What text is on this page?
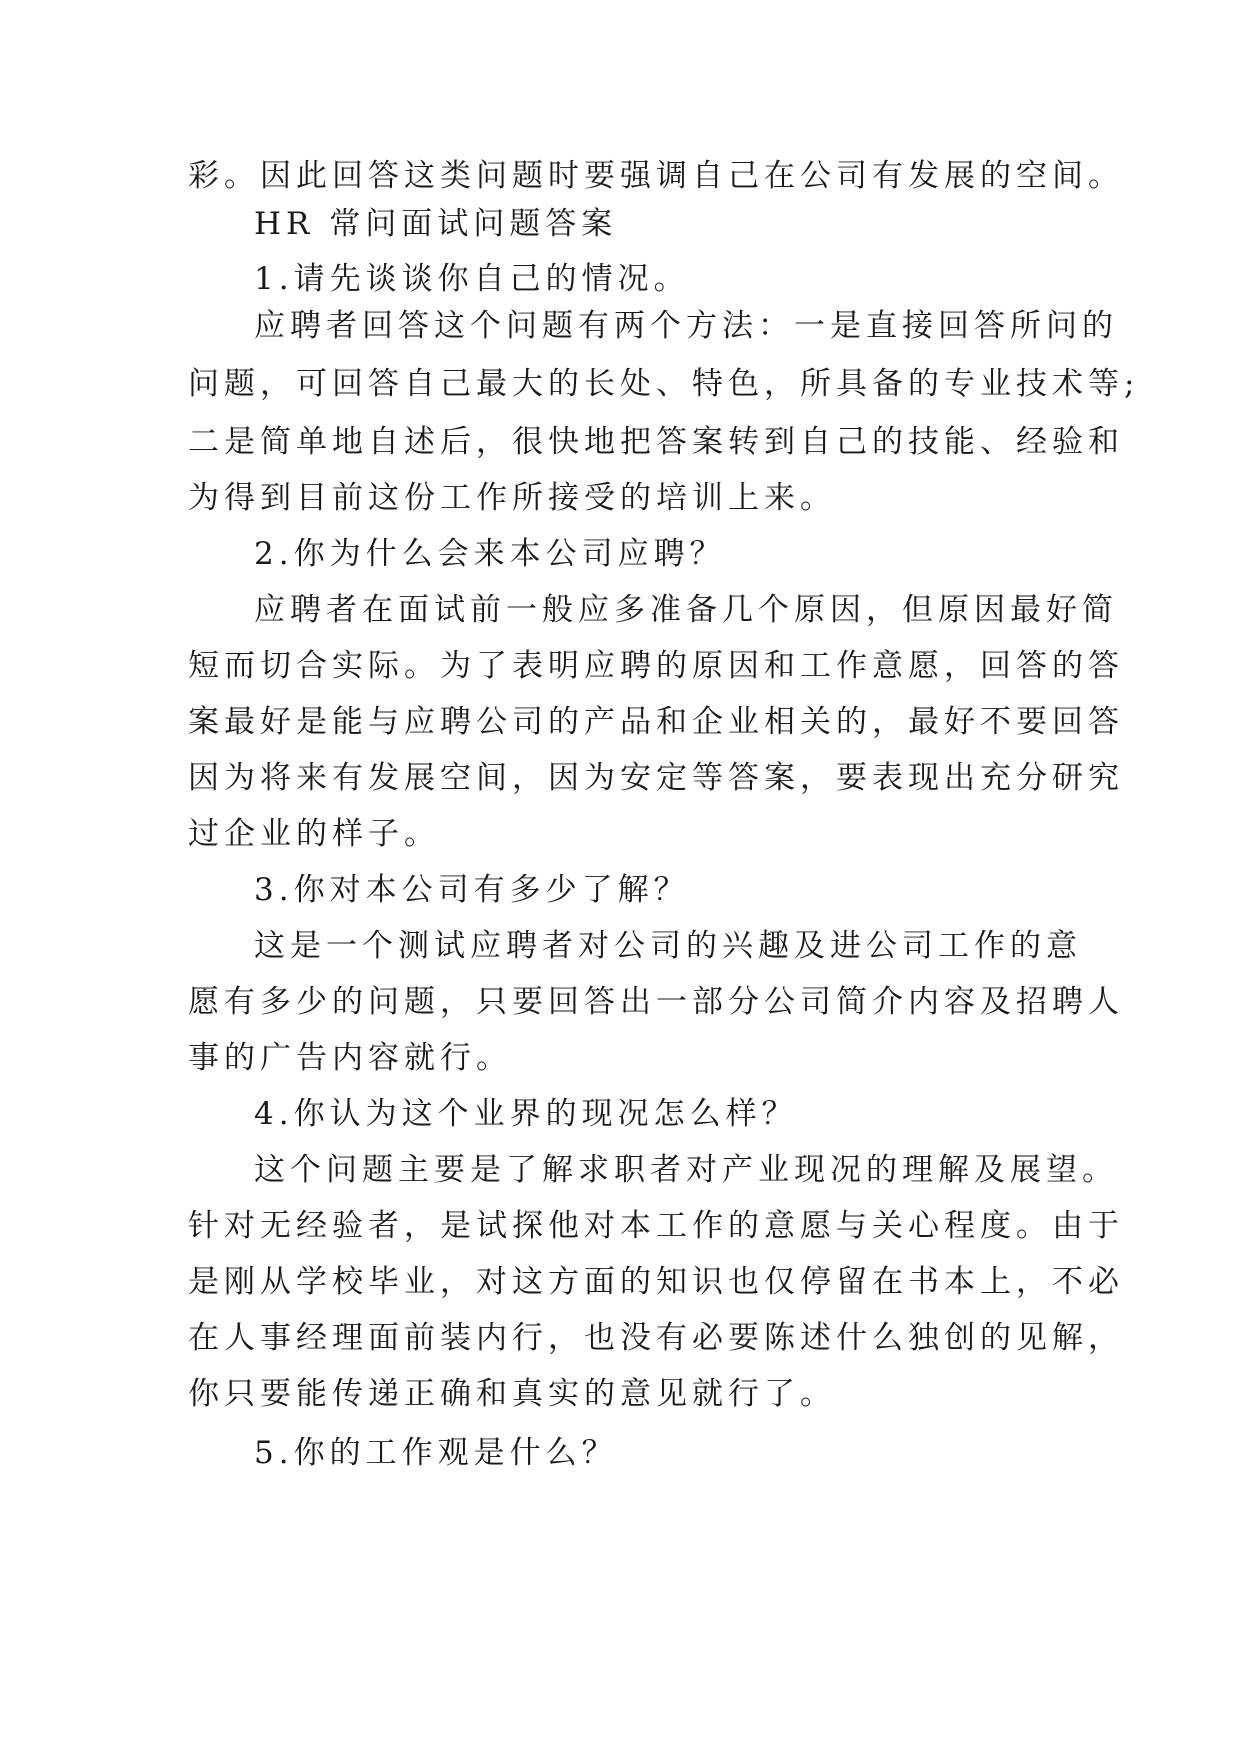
彩。因此回答这类问题时要强调自己在公司有发展的空间。
HR 常问面试问题答案
1.请先谈谈你自己的情况。
应聘者回答这个问题有两个方法：一是直接回答所问的
问题，可回答自己最大的长处、特色，所具备的专业技术等;
二是简单地自述后，很快地把答案转到自己的技能、经验和
为得到目前这份工作所接受的培训上来。
2.你为什么会来本公司应聘？
应聘者在面试前一般应多准备几个原因，但原因最好简
短而切合实际。为了表明应聘的原因和工作意愿，回答的答
案最好是能与应聘公司的产品和企业相关的，最好不要回答
因为将来有发展空间，因为安定等答案，要表现出充分研究
过企业的样子。
3.你对本公司有多少了解？
这是一个测试应聘者对公司的兴趣及进公司工作的意
愿有多少的问题，只要回答出一部分公司简介内容及招聘人
事的广告内容就行。
4.你认为这个业界的现况怎么样？
这个问题主要是了解求职者对产业现况的理解及展望。
针对无经验者，是试探他对本工作的意愿与关心程度。由于
是刚从学校毕业，对这方面的知识也仅停留在书本上，不必
在人事经理面前装内行，也没有必要陈述什么独创的见解，
你只要能传递正确和真实的意见就行了。
5.你的工作观是什么？
